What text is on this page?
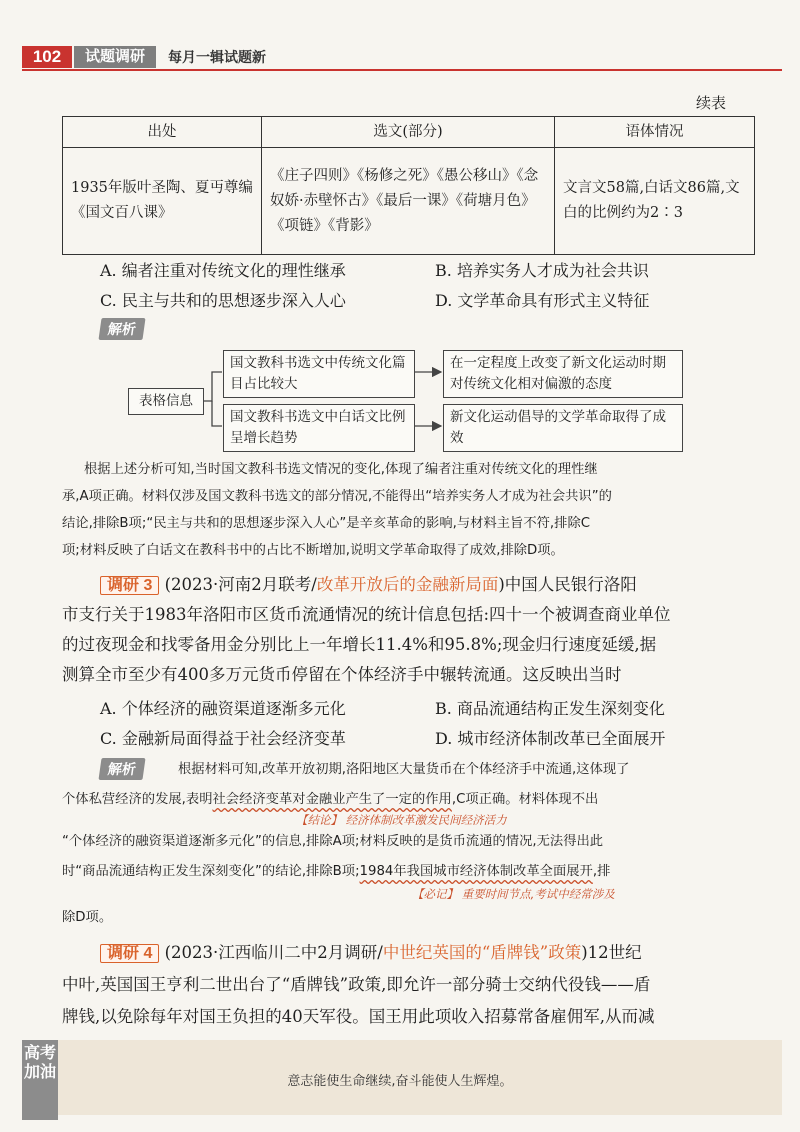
102	试题调研	每月一辑试题新
续表
出处	选文(部分)	语体情况
1935年版叶圣陶、夏丏尊编《国文百八课》	《庄子四则》《杨修之死》《愚公移山》《念奴娇·赤壁怀古》《最后一课》《荷塘月色》《项链》《背影》	文言文58篇,白话文86篇,文白的比例约为2∶3
A. 编者注重对传统文化的理性继承	B. 培养实务人才成为社会共识
C. 民主与共和的思想逐步深入人心	D. 文学革命具有形式主义特征
解析
表格信息
国文教科书选文中传统文化篇目占比较大
在一定程度上改变了新文化运动时期对传统文化相对偏激的态度
国文教科书选文中白话文比例呈增长趋势
新文化运动倡导的文学革命取得了成效
根据上述分析可知,当时国文教科书选文情况的变化,体现了编者注重对传统文化的理性继
承,A项正确。材料仅涉及国文教科书选文的部分情况,不能得出“培养实务人才成为社会共识”的
结论,排除B项;“民主与共和的思想逐步深入人心”是辛亥革命的影响,与材料主旨不符,排除C
项;材料反映了白话文在教科书中的占比不断增加,说明文学革命取得了成效,排除D项。
调研 3 (2023·河南2月联考/改革开放后的金融新局面)中国人民银行洛阳
市支行关于1983年洛阳市区货币流通情况的统计信息包括:四十一个被调查商业单位
的过夜现金和找零备用金分别比上一年增长11.4%和95.8%;现金归行速度延缓,据
测算全市至少有400多万元货币停留在个体经济手中辗转流通。这反映出当时
A. 个体经济的融资渠道逐渐多元化	B. 商品流通结构正发生深刻变化
C. 金融新局面得益于社会经济变革	D. 城市经济体制改革已全面展开
解析	根据材料可知,改革开放初期,洛阳地区大量货币在个体经济手中流通,这体现了
个体私营经济的发展,表明社会经济变革对金融业产生了一定的作用,C项正确。材料体现不出
【结论】 经济体制改革激发民间经济活力
“个体经济的融资渠道逐渐多元化”的信息,排除A项;材料反映的是货币流通的情况,无法得出此
时“商品流通结构正发生深刻变化”的结论,排除B项;1984年我国城市经济体制改革全面展开,排
【必记】 重要时间节点,考试中经常涉及
除D项。
调研 4 (2023·江西临川二中2月调研/中世纪英国的“盾牌钱”政策)12世纪
中叶,英国国王亨利二世出台了“盾牌钱”政策,即允许一部分骑士交纳代役钱——盾
牌钱,以免除每年对国王负担的40天军役。国王用此项收入招募常备雇佣军,从而减
高考加油
意志能使生命继续,奋斗能使人生辉煌。
